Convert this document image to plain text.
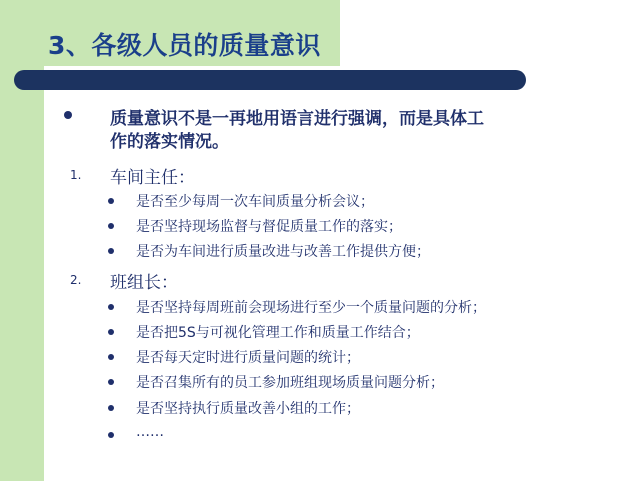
3、各级人员的质量意识
质量意识不是一再地用语言进行强调，而是具体工
作的落实情况。
1. 车间主任：
是否至少每周一次车间质量分析会议；
是否坚持现场监督与督促质量工作的落实；
是否为车间进行质量改进与改善工作提供方便；
2. 班组长：
是否坚持每周班前会现场进行至少一个质量问题的分析；
是否把5S与可视化管理工作和质量工作结合；
是否每天定时进行质量问题的统计；
是否召集所有的员工参加班组现场质量问题分析；
是否坚持执行质量改善小组的工作；
……
